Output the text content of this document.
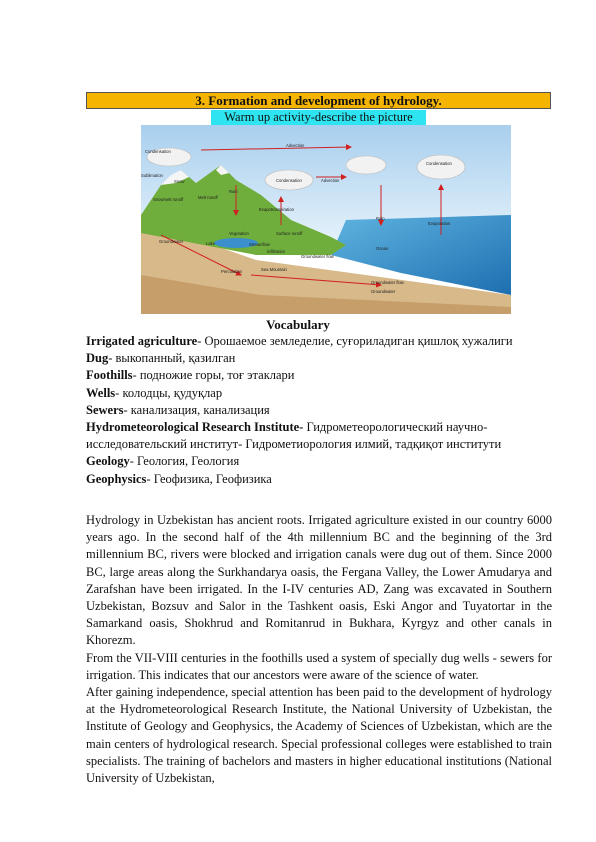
3. Formation and development of hydrology.
Warm up activity-describe the picture
Condensation
Sublimation
Snow
Snowmelt runoff	Melt runoff
Advection
Condensation	Advection
Rain
Condensation
Rain
Evaporation
Evapotranspiration
Vegetation	Surface runoff
Streamflow
Lake
Infiltration
Groundwater flow
Ocean
Percolation
Groundwater
Sea Mountain
Groundwater flow
Groundwater
Vocabulary

Irrigated agriculture- Орошаемое земледелие, суғориладиган қишлоқ хужалиги

Dug- выкопанный, қазилган

Foothills- подножие горы, тоғ этаклари

Wells- колодцы, қудуқлар

Sewers- канализация, канализация

Hydrometeorological Research Institute- Гидрометеорологический научно-исследовательский институт- Гидрометиорология илмий, тадқиқот институти

Geology- Геология, Геология

Geophysics- Геофизика, Геофизика

Hydrology in Uzbekistan has ancient roots. Irrigated agriculture existed in our country 6000 years ago. In the second half of the 4th millennium BC and the beginning of the 3rd millennium BC, rivers were blocked and irrigation canals were dug out of them. Since 2000 BC, large areas along the Surkhandarya oasis, the Fergana Valley, the Lower Amudarya and Zarafshan have been irrigated. In the I-IV centuries AD, Zang was excavated in Southern Uzbekistan, Bozsuv and Salor in the Tashkent oasis, Eski Angor and Tuyatortar in the Samarkand oasis, Shokhrud and Romitanrud in Bukhara, Kyrgyz and other canals in Khorezm.

From the VII-VIII centuries in the foothills used a system of specially dug wells - sewers for irrigation. This indicates that our ancestors were aware of the science of water.

After gaining independence, special attention has been paid to the development of hydrology at the Hydrometeorological Research Institute, the National University of Uzbekistan, the Institute of Geology and Geophysics, the Academy of Sciences of Uzbekistan, which are the main centers of hydrological research. Special professional colleges were established to train specialists. The training of bachelors and masters in higher educational institutions (National University of Uzbekistan,
